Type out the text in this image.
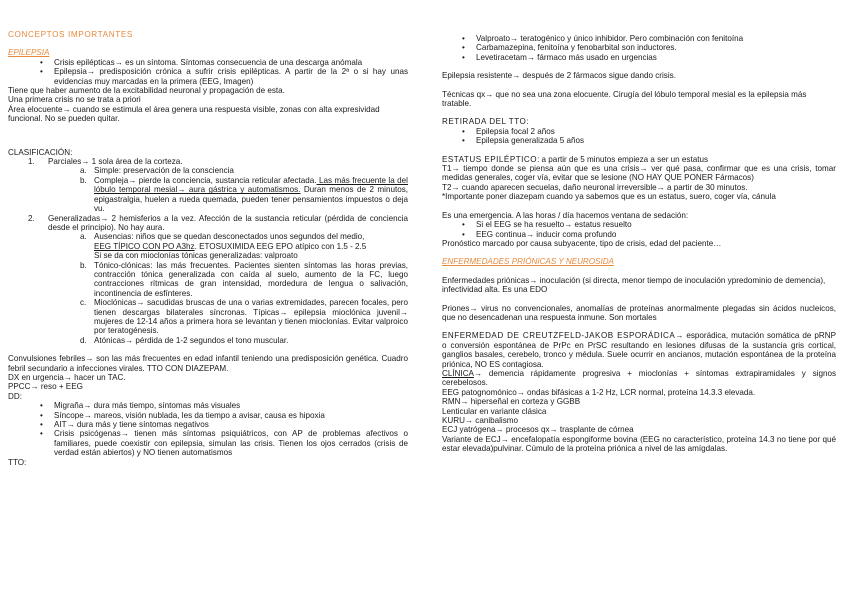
CONCEPTOS IMPORTANTES

EPILEPSIA

• Crisis epilépticas→ es un síntoma. Síntomas consecuencia de una descarga anómala
• Epilepsia→ predisposición crónica a sufrir crisis epilépticas. A partir de la 2ª o si hay unas evidencias muy marcadas en la primera (EEG, Imagen)

Tiene que haber aumento de la excitabilidad neuronal y propagación de esta.

Una primera crisis no se trata a priori

Área elocuente→ cuando se estimula el área genera una respuesta visible, zonas con alta expresividad funcional. No se pueden quitar.

CLASIFICACIÓN:

1. Parciales→ 1 sola área de la corteza.
a. Simple: preservación de la consciencia
b. Compleja→ pierde la conciencia, sustancia reticular afectada. Las más frecuente la del lóbulo temporal mesial→ aura gástrica y automatismos. Duran menos de 2 minutos, epigastralgia, huelen a rueda quemada, pueden tener pensamientos impuestos o deja vu.
2. Generalizadas→ 2 hemisferios a la vez. Afección de la sustancia reticular (pérdida de conciencia desde el principio). No hay aura.
a. Ausencias: niños que se quedan desconectados unos segundos del medio,
EEG TÍPICO CON PO A3hz. ETOSUXIMIDA EEG EPO atípico con 1.5 - 2.5
Si se da con mioclonías tónicas generalizadas: valproato
b. Tónico-clónicas: las más frecuentes. Pacientes sienten síntomas las horas previas, contracción tónica generalizada con caída al suelo, aumento de la FC, luego contracciones rítmicas de gran intensidad, mordedura de lengua o salivación, incontinencia de esfínteres.
c. Mioclónicas→ sacudidas bruscas de una o varias extremidades, parecen focales, pero tienen descargas bilaterales síncronas. Típicas→ epilepsia mioclónica juvenil→ mujeres de 12-14 años a primera hora se levantan y tienen mioclonías. Evitar valproico por teratogénesis.
d. Atónicas→ pérdida de 1-2 segundos el tono muscular.

Convulsiones febriles→ son las más frecuentes en edad infantil teniendo una predisposición genética. Cuadro febril secundario a infecciones virales. TTO CON DIAZEPAM.

DX en urgencia→ hacer un TAC.

PPCC→ reso + EEG

DD:

• Migraña→ dura más tiempo, síntomas más visuales
• Síncope→ mareos, visión nublada, les da tiempo a avisar, causa es hipoxia
• AIT→ dura más y tiene síntomas negativos
• Crisis psicógenas→ tienen más síntomas psiquiátricos, con AP de problemas afectivos o familiares, puede coexistir con epilepsia, simulan las crisis. Tienen los ojos cerrados (crisis de verdad están abiertos) y NO tienen automatismos

TTO:

• Valproato→ teratogénico y único inhibidor. Pero combinación con fenitoína
• Carbamazepina, fenitoína y fenobarbital son inductores.
• Levetiracetam→ fármaco más usado en urgencias

Epilepsia resistente→ después de 2 fármacos sigue dando crisis.

Técnicas qx→ que no sea una zona elocuente. Cirugía del lóbulo temporal mesial es la epilepsia más tratable.

RETIRADA DEL TTO:

• Epilepsia focal 2 años
• Epilepsia generalizada 5 años

ESTATUS EPILÉPTICO: a partir de 5 minutos empieza a ser un estatus

T1→ tiempo donde se piensa aún que es una crisis→ ver qué pasa, confirmar que es una crisis, tomar medidas generales, coger vía, evitar que se lesione (NO HAY QUE PONER Fármacos)

T2→ cuando aparecen secuelas, daño neuronal irreversible→ a partir de 30 minutos.

*Importante poner diazepam cuando ya sabemos que es un estatus, suero, coger vía, cánula

Es una emergencia. A las horas / día hacemos ventana de sedación:

• Si el EEG se ha resuelto→ estatus resuelto
• EEG continua→ inducir coma profundo

Pronóstico marcado por causa subyacente, tipo de crisis, edad del paciente…

ENFERMEDADES PRIÓNICAS Y NEUROSIDA

Enfermedades priónicas→ inoculación (si directa, menor tiempo de inoculación ypredominio de demencia), infectividad alta. Es una EDO

Priones→ virus no convencionales, anomalías de proteínas anormalmente plegadas sin ácidos nucleicos, que no desencadenan una respuesta inmune. Son mortales

ENFERMEDAD DE CREUTZFELD-JAKOB ESPORÁDICA→ esporádica, mutación somática de pRNP o conversión espontánea de PrPc en PrSC resultando en lesiones difusas de la sustancia gris cortical, ganglios basales, cerebelo, tronco y médula. Suele ocurrir en ancianos, mutación espontánea de la proteína priónica, NO ES contagiosa.

CLÍNICA→ demencia rápidamente progresiva + mioclonías + síntomas extrapiramidales y signos cerebelosos.

EEG patognomónico→ ondas bifásicas a 1-2 Hz, LCR normal, proteína 14.3.3 elevada.

RMN→ hiperseñal en corteza y GGBB

Lenticular en variante clásica

KURU→ canibalismo

ECJ yatrógena→ procesos qx→ trasplante de córnea

Variante de ECJ→ encefalopatía espongiforme bovina (EEG no característico, proteína 14.3 no tiene por qué estar elevada)pulvinar. Cúmulo de la proteína priónica a nivel de las amígdalas.
